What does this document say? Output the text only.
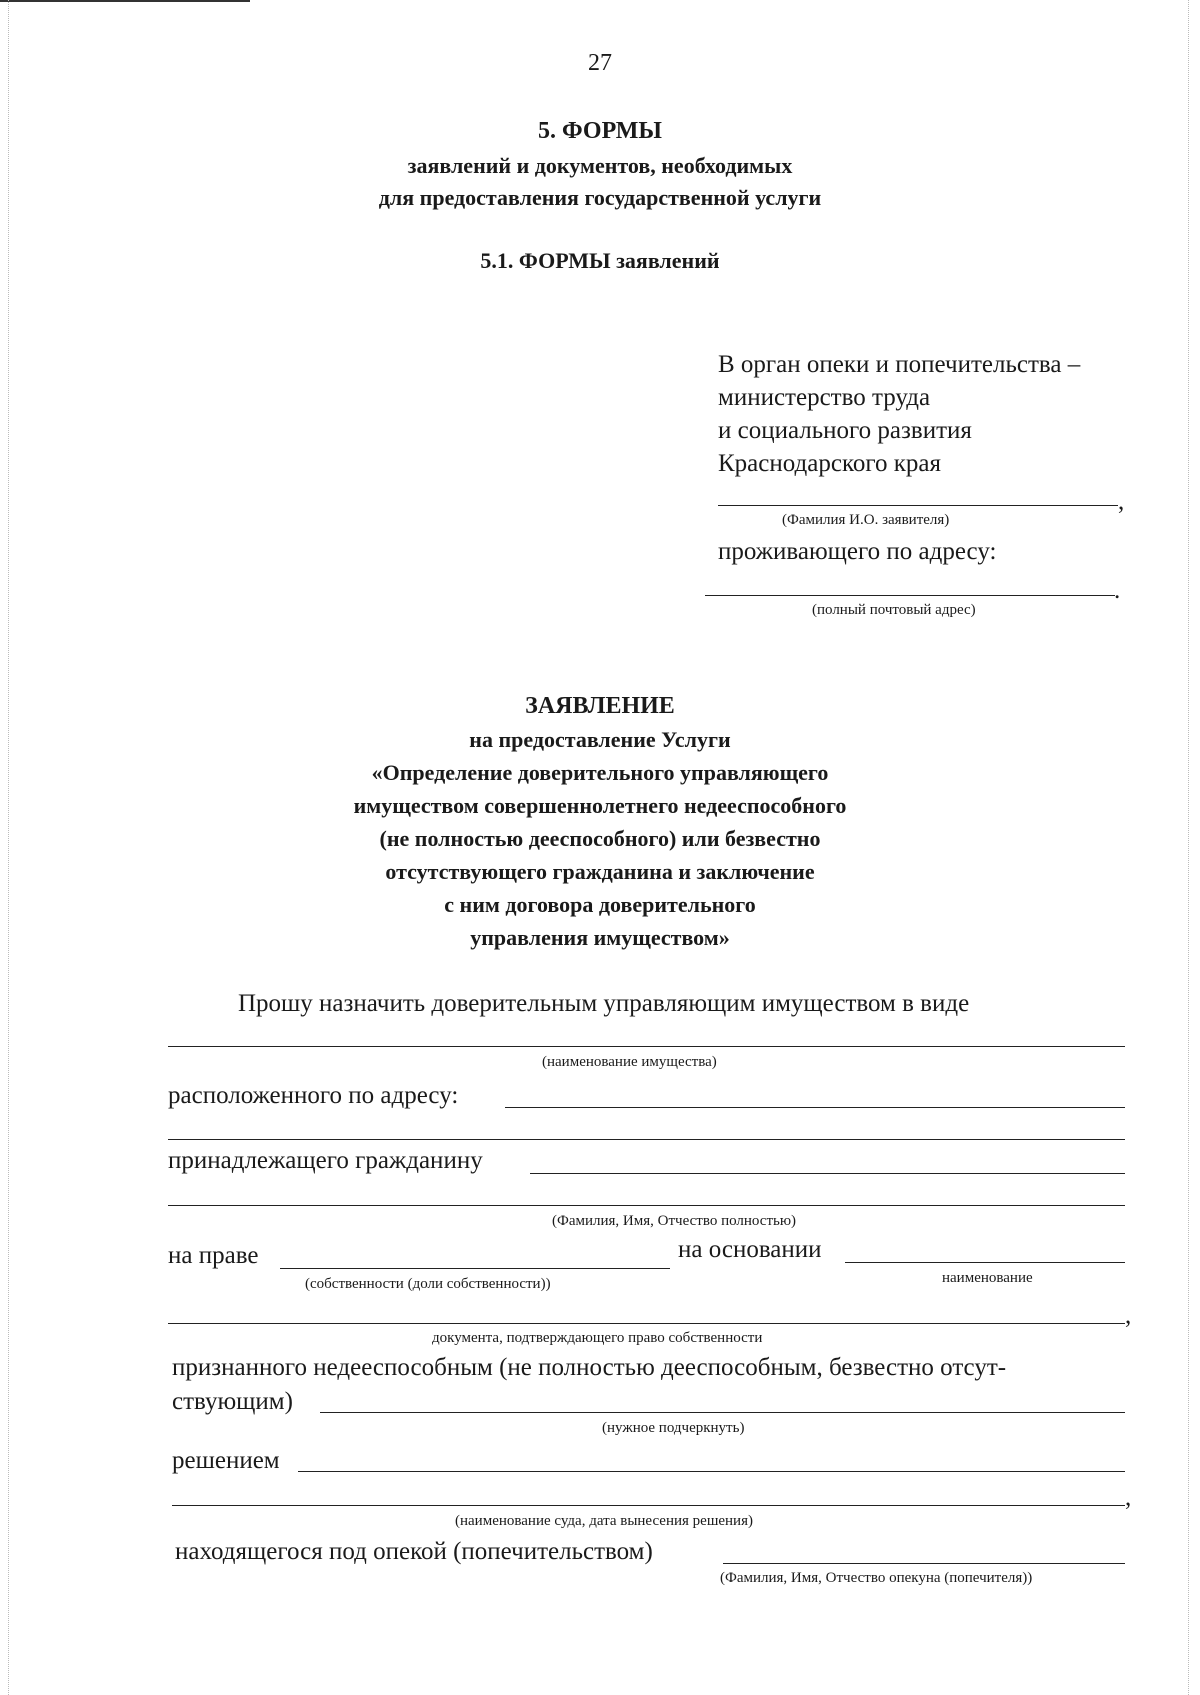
27
5. ФОРМЫ
заявлений и документов, необходимых
для предоставления государственной услуги
5.1. ФОРМЫ заявлений
В орган опеки и попечительства –
министерство труда
и социального развития
Краснодарского края
,
(Фамилия И.О. заявителя)
проживающего по адресу:
.
(полный почтовый адрес)
ЗАЯВЛЕНИЕ
на предоставление Услуги
«Определение доверительного управляющего
имуществом совершеннолетнего недееспособного
(не полностью дееспособного) или безвестно
отсутствующего гражданина и заключение
с ним договора доверительного
управления имуществом»
Прошу назначить доверительным управляющим имуществом в виде
(наименование имущества)
расположенного по адресу:
принадлежащего гражданину
(Фамилия, Имя, Отчество полностью)
на праве	на основании
(собственности (доли собственности))	наименование
,
документа, подтверждающего право собственности
признанного недееспособным (не полностью дееспособным, безвестно отсут-
ствующим)
(нужное подчеркнуть)
решением
,
(наименование суда, дата вынесения решения)
находящегося под опекой (попечительством)
(Фамилия, Имя, Отчество опекуна (попечителя))
